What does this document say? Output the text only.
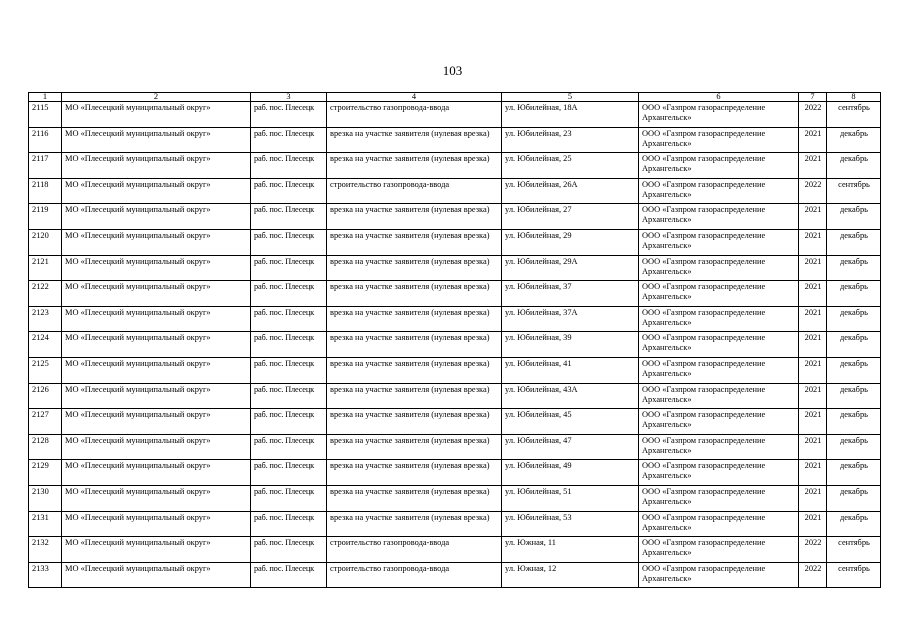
103
1	2	3	4	5	6	7	8
2115	МО «Плесецкий муниципальный округ»	раб. пос. Плесецк	строительство газопровода-ввода	ул. Юбилейная, 18А	ООО «Газпром газораспределение Архангельск»	2022	сентябрь
2116	МО «Плесецкий муниципальный округ»	раб. пос. Плесецк	врезка на участке заявителя (нулевая врезка)	ул. Юбилейная, 23	ООО «Газпром газораспределение Архангельск»	2021	декабрь
2117	МО «Плесецкий муниципальный округ»	раб. пос. Плесецк	врезка на участке заявителя (нулевая врезка)	ул. Юбилейная, 25	ООО «Газпром газораспределение Архангельск»	2021	декабрь
2118	МО «Плесецкий муниципальный округ»	раб. пос. Плесецк	строительство газопровода-ввода	ул. Юбилейная, 26А	ООО «Газпром газораспределение Архангельск»	2022	сентябрь
2119	МО «Плесецкий муниципальный округ»	раб. пос. Плесецк	врезка на участке заявителя (нулевая врезка)	ул. Юбилейная, 27	ООО «Газпром газораспределение Архангельск»	2021	декабрь
2120	МО «Плесецкий муниципальный округ»	раб. пос. Плесецк	врезка на участке заявителя (нулевая врезка)	ул. Юбилейная, 29	ООО «Газпром газораспределение Архангельск»	2021	декабрь
2121	МО «Плесецкий муниципальный округ»	раб. пос. Плесецк	врезка на участке заявителя (нулевая врезка)	ул. Юбилейная, 29А	ООО «Газпром газораспределение Архангельск»	2021	декабрь
2122	МО «Плесецкий муниципальный округ»	раб. пос. Плесецк	врезка на участке заявителя (нулевая врезка)	ул. Юбилейная, 37	ООО «Газпром газораспределение Архангельск»	2021	декабрь
2123	МО «Плесецкий муниципальный округ»	раб. пос. Плесецк	врезка на участке заявителя (нулевая врезка)	ул. Юбилейная, 37А	ООО «Газпром газораспределение Архангельск»	2021	декабрь
2124	МО «Плесецкий муниципальный округ»	раб. пос. Плесецк	врезка на участке заявителя (нулевая врезка)	ул. Юбилейная, 39	ООО «Газпром газораспределение Архангельск»	2021	декабрь
2125	МО «Плесецкий муниципальный округ»	раб. пос. Плесецк	врезка на участке заявителя (нулевая врезка)	ул. Юбилейная, 41	ООО «Газпром газораспределение Архангельск»	2021	декабрь
2126	МО «Плесецкий муниципальный округ»	раб. пос. Плесецк	врезка на участке заявителя (нулевая врезка)	ул. Юбилейная, 43А	ООО «Газпром газораспределение Архангельск»	2021	декабрь
2127	МО «Плесецкий муниципальный округ»	раб. пос. Плесецк	врезка на участке заявителя (нулевая врезка)	ул. Юбилейная, 45	ООО «Газпром газораспределение Архангельск»	2021	декабрь
2128	МО «Плесецкий муниципальный округ»	раб. пос. Плесецк	врезка на участке заявителя (нулевая врезка)	ул. Юбилейная, 47	ООО «Газпром газораспределение Архангельск»	2021	декабрь
2129	МО «Плесецкий муниципальный округ»	раб. пос. Плесецк	врезка на участке заявителя (нулевая врезка)	ул. Юбилейная, 49	ООО «Газпром газораспределение Архангельск»	2021	декабрь
2130	МО «Плесецкий муниципальный округ»	раб. пос. Плесецк	врезка на участке заявителя (нулевая врезка)	ул. Юбилейная, 51	ООО «Газпром газораспределение Архангельск»	2021	декабрь
2131	МО «Плесецкий муниципальный округ»	раб. пос. Плесецк	врезка на участке заявителя (нулевая врезка)	ул. Юбилейная, 53	ООО «Газпром газораспределение Архангельск»	2021	декабрь
2132	МО «Плесецкий муниципальный округ»	раб. пос. Плесецк	строительство газопровода-ввода	ул. Южная, 11	ООО «Газпром газораспределение Архангельск»	2022	сентябрь
2133	МО «Плесецкий муниципальный округ»	раб. пос. Плесецк	строительство газопровода-ввода	ул. Южная, 12	ООО «Газпром газораспределение Архангельск»	2022	сентябрь
